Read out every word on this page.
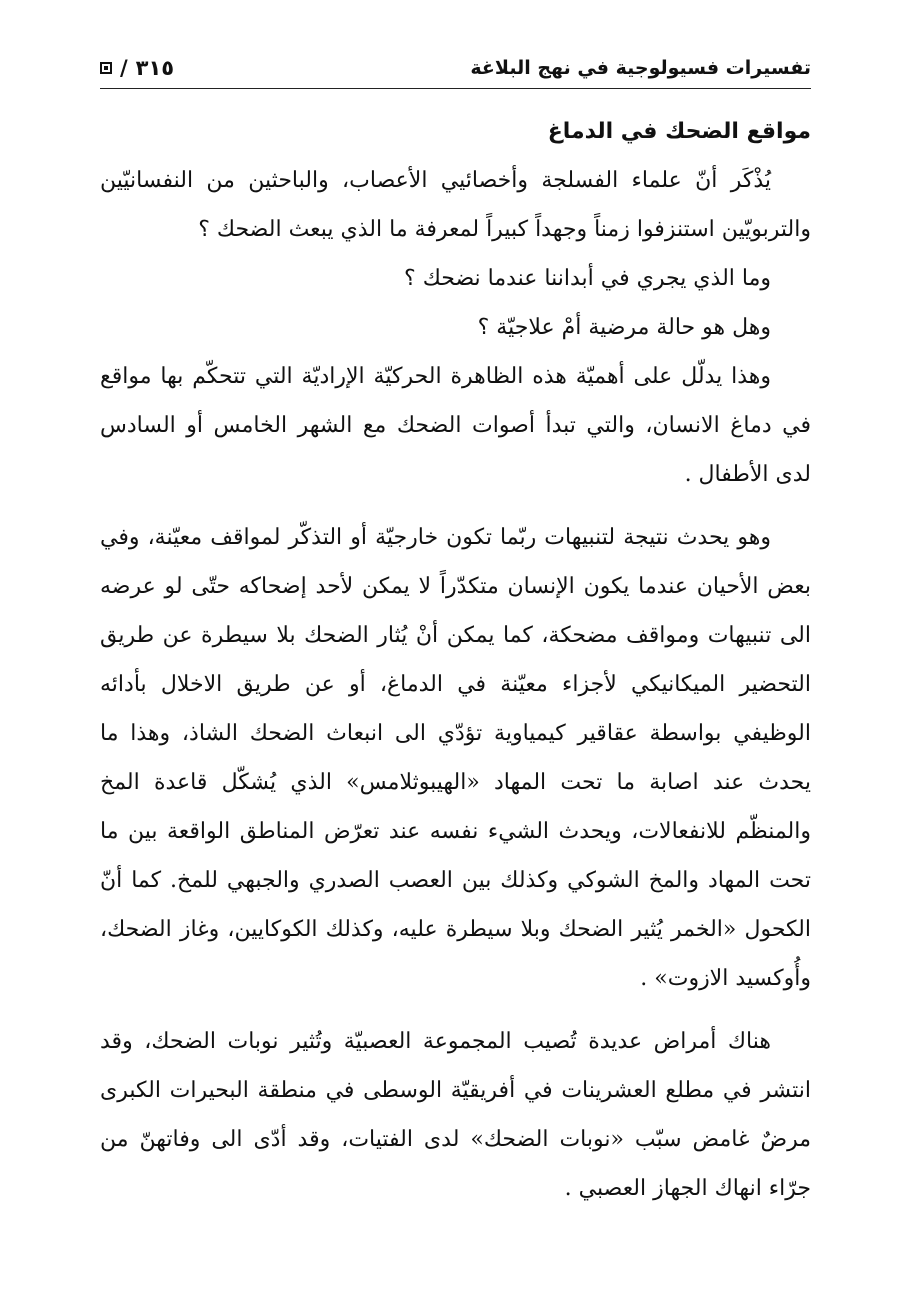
تفسيرات فسيولوجية في نهج البلاغة
٣١٥
/
مواقع الضحك في الدماغ

يُذْكَر أنّ علماء الفسلجة وأخصائيي الأعصاب، والباحثين من النفسانيّين والتربويّين استنزفوا زمناً وجهداً كبيراً لمعرفة ما الذي يبعث الضحك ؟

وما الذي يجري في أبداننا عندما نضحك ؟

وهل هو حالة مرضية أمْ علاجيّة ؟

وهذا يدلّل على أهميّة هذه الظاهرة الحركيّة الإراديّة التي تتحكّم بها مواقع في دماغ الانسان، والتي تبدأ أصوات الضحك مع الشهر الخامس أو السادس لدى الأطفال .

وهو يحدث نتيجة لتنبيهات ربّما تكون خارجيّة أو التذكّر لمواقف معيّنة، وفي بعض الأحيان عندما يكون الإنسان متكدّراً لا يمكن لأحد إضحاكه حتّى لو عرضه الى تنبيهات ومواقف مضحكة، كما يمكن أنْ يُثار الضحك بلا سيطرة عن طريق التحضير الميكانيكي لأجزاء معيّنة في الدماغ، أو عن طريق الاخلال بأدائه الوظيفي بواسطة عقاقير كيمياوية تؤدّي الى انبعاث الضحك الشاذ، وهذا ما يحدث عند اصابة ما تحت المهاد «الهيبوثلامس» الذي يُشكّل قاعدة المخ والمنظّم للانفعالات، ويحدث الشيء نفسه عند تعرّض المناطق الواقعة بين ما تحت المهاد والمخ الشوكي وكذلك بين العصب الصدري والجبهي للمخ. كما أنّ الكحول «الخمر يُثير الضحك وبلا سيطرة عليه، وكذلك الكوكايين، وغاز الضحك، وأُوكسيد الازوت» .

هناك أمراض عديدة تُصيب المجموعة العصبيّة وتُثير نوبات الضحك، وقد انتشر في مطلع العشرينات في أفريقيّة الوسطى في منطقة البحيرات الكبرى مرضٌ غامض سبّب «نوبات الضحك» لدى الفتيات، وقد أدّى الى وفاتهنّ من جرّاء انهاك الجهاز العصبي .
